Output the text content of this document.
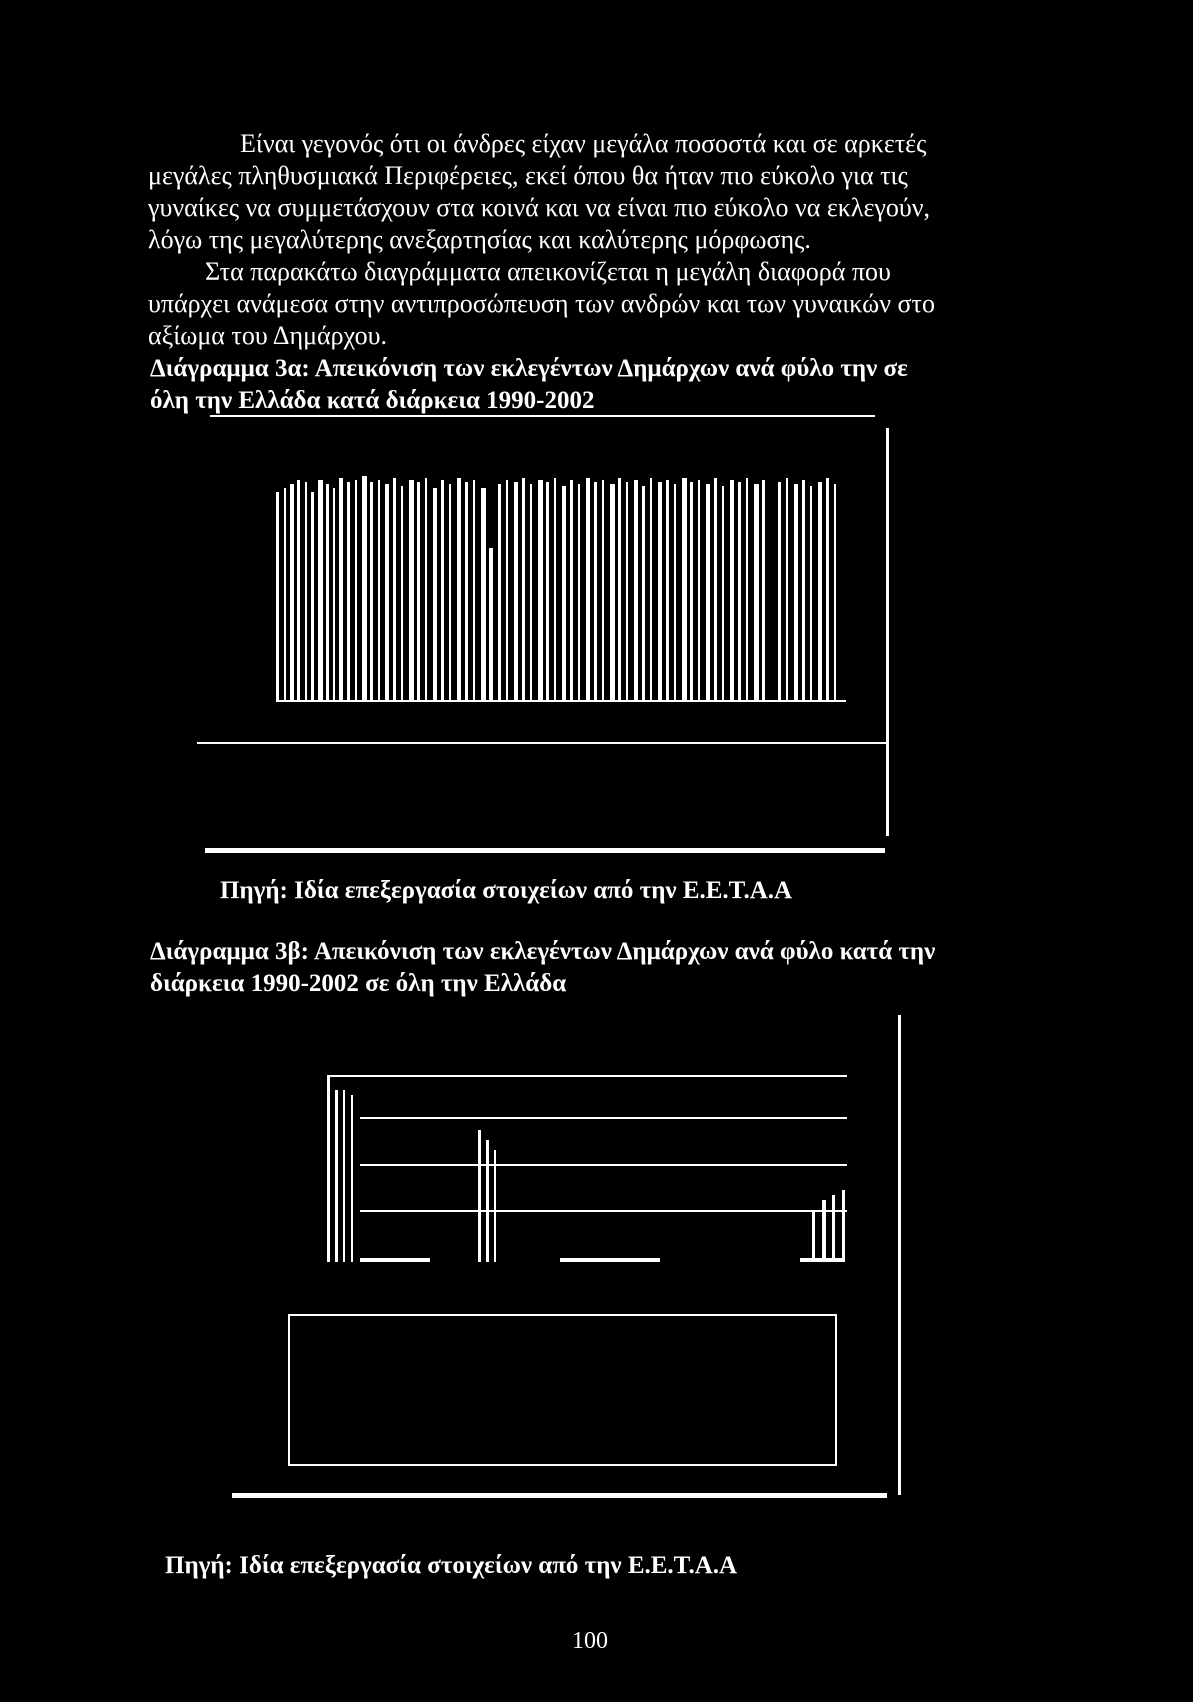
Είναι γεγονός ότι οι άνδρες είχαν μεγάλα ποσοστά και σε αρκετές

μεγάλες πληθυσμιακά Περιφέρειες, εκεί όπου θα ήταν πιο εύκολο για τις

γυναίκες να συμμετάσχουν στα κοινά και να είναι πιο εύκολο να εκλεγούν,

λόγω της μεγαλύτερης ανεξαρτησίας και καλύτερης μόρφωσης.

Στα παρακάτω διαγράμματα απεικονίζεται η μεγάλη διαφορά που

υπάρχει ανάμεσα στην αντιπροσώπευση των ανδρών και των γυναικών στο

αξίωμα του Δημάρχου.

Διάγραμμα 3α: Απεικόνιση των εκλεγέντων Δημάρχων ανά φύλο την σε

όλη την Ελλάδα κατά διάρκεια 1990-2002

Πηγή: Ιδία επεξεργασία στοιχείων από την Ε.Ε.Τ.Α.Α

Διάγραμμα 3β: Απεικόνιση των εκλεγέντων Δημάρχων ανά φύλο κατά την

διάρκεια 1990-2002 σε όλη την Ελλάδα

Πηγή: Ιδία επεξεργασία στοιχείων από την Ε.Ε.Τ.Α.Α

100
